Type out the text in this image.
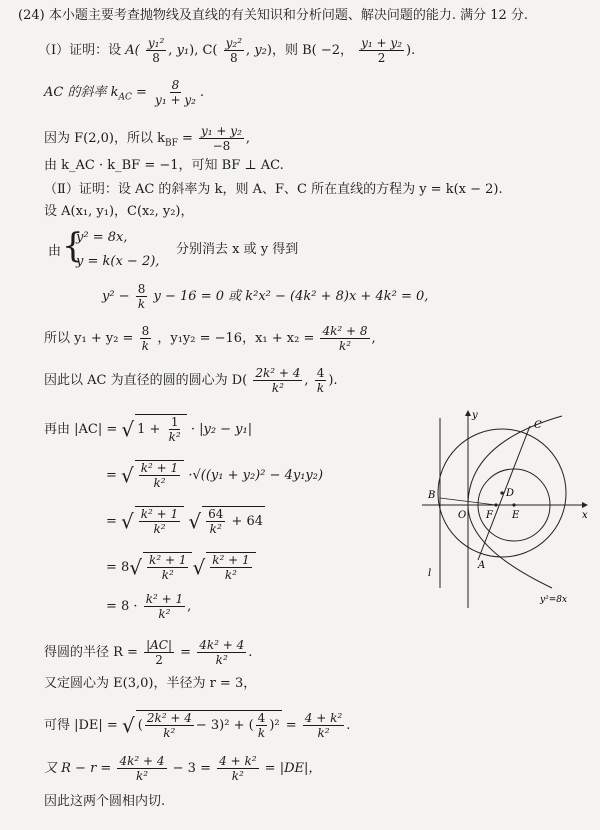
(24) 本小题主要考查抛物线及直线的有关知识和分析问题、解决问题的能力. 满分 12 分.
（Ⅰ）证明：设 $A( \frac{\text{y₁²}}{8}$ , y₁), $C( \frac{\text{y₂²}}{8}$ , y₂)，则 B( −2， $\frac{\text{y₁ + y₂}}{2}$ ).
AC 的斜率 $k_{AC} = \frac{8}{\text{y₁ + y₂}}$ .
因为 F(2,0)，所以 $k_{BF} = \frac{\text{y₁ + y₂}}{-8}$ ,
由 k_AC · k_BF = −1，可知 BF ⊥ AC.
（Ⅱ）证明：设 AC 的斜率为 k，则 A、F、C 所在直线的方程为 y = k(x − 2).
设 A(x₁, y₁)，C(x₂, y₂)，
由 {
y² = 8x,
y = k(x − 2),
分别消去 x 或 y 得到
$y^2 - \frac{8}{k}$ y − 16 = 0 或 k²x² − (4k² + 8)x + 4k² = 0,
所以 $y_1 + y_2 = \frac{8}{k}$ ，y₁y₂ = −16，$x_1 + x_2 = \frac{\text{4k² + 8}}{\text{k²}}$ ,
因此以 AC 为直径的圆的圆心为 $D( \frac{\text{2k² + 4}}{\text{k²}}$ , $\frac{4}{k}$ ).
再由 |AC| = √ $1 + \frac{1}{\text{k²}} \cdot |y_2 - y_1|$
= √ $\frac{\text{k² + 1}}{\text{k²}} \cdot√((y_1 + y_2)^2 - 4y_1y_2)$
= √ $\frac{\text{k² + 1}}{\text{k²}}$ √ $\frac{64}{\text{k²}} + 64$
= $8√ \frac{\text{k² + 1}}{\text{k²}}$ √ $\frac{\text{k² + 1}}{\text{k²}}$
= $8 \cdot \frac{\text{k² + 1}}{\text{k²}}$ ,
得圆的半径 $R = \frac{|AC|}{2} = \frac{\text{4k² + 4}}{\text{k²}}$ .
又定圆心为 E(3,0)，半径为 r = 3，
可得 |DE| = √ ( $\frac{\text{2k² + 4}}{\text{k²}} - 3)^2$ + ( $\frac{4}{k} )^2 = \frac{\text{4 + k²}}{\text{k²}}$ .
又 $R - r = \frac{\text{4k² + 4}}{\text{k²}} - 3 = \frac{\text{4 + k²}}{\text{k²}} = |DE|$，
因此这两个圆相内切.
y
x
C
D
B
O F E
A
l
y²=8x
